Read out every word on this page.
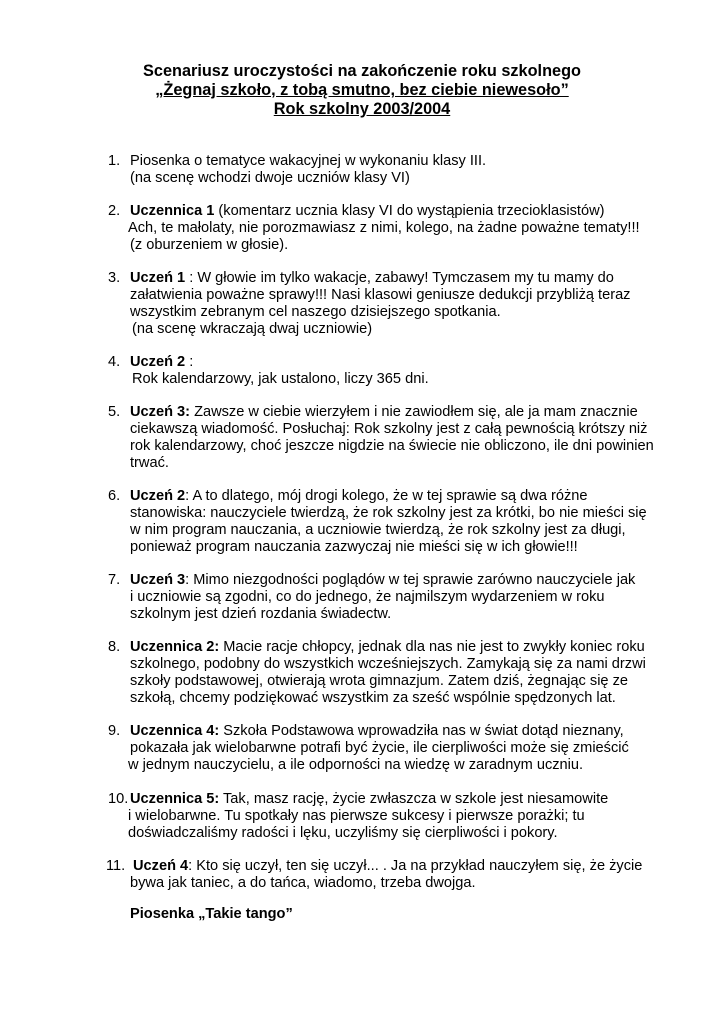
Scenariusz uroczystości na zakończenie roku szkolnego
„Żegnaj szkoło, z tobą smutno, bez ciebie niewesoło”
Rok szkolny 2003/2004
1. Piosenka o tematyce wakacyjnej w wykonaniu klasy III.
(na scenę wchodzi dwoje uczniów klasy VI)
2. Uczennica 1 (komentarz ucznia klasy VI do wystąpienia trzecioklasistów)
Ach, te małolaty, nie porozmawiasz z nimi, kolego, na żadne poważne tematy!!!
(z oburzeniem w głosie).
3. Uczeń 1 : W głowie im tylko wakacje, zabawy! Tymczasem my tu mamy do
załatwienia poważne sprawy!!! Nasi klasowi geniusze dedukcji przybliżą teraz
wszystkim zebranym cel naszego dzisiejszego spotkania.
(na scenę wkraczają dwaj uczniowie)
4. Uczeń 2 :
Rok kalendarzowy, jak ustalono, liczy 365 dni.
5. Uczeń 3: Zawsze w ciebie wierzyłem i nie zawiodłem się, ale ja mam znacznie
ciekawszą wiadomość. Posłuchaj: Rok szkolny jest z całą pewnością krótszy niż
rok kalendarzowy, choć jeszcze nigdzie na świecie nie obliczono, ile dni powinien
trwać.
6. Uczeń 2: A to dlatego, mój drogi kolego, że w tej sprawie są dwa różne
stanowiska: nauczyciele twierdzą, że rok szkolny jest za krótki, bo nie mieści się
w nim program nauczania, a uczniowie twierdzą, że rok szkolny jest za długi,
ponieważ program nauczania zazwyczaj nie mieści się w ich głowie!!!
7. Uczeń 3: Mimo niezgodności poglądów w tej sprawie zarówno nauczyciele jak
i uczniowie są zgodni, co do jednego, że najmilszym wydarzeniem w roku
szkolnym jest dzień rozdania świadectw.
8. Uczennica 2: Macie racje chłopcy, jednak dla nas nie jest to zwykły koniec roku
szkolnego, podobny do wszystkich wcześniejszych. Zamykają się za nami drzwi
szkoły podstawowej, otwierają wrota gimnazjum. Zatem dziś, żegnając się ze
szkołą, chcemy podziękować wszystkim za sześć wspólnie spędzonych lat.
9. Uczennica 4: Szkoła Podstawowa wprowadziła nas w świat dotąd nieznany,
pokazała jak wielobarwne potrafi być życie, ile cierpliwości może się zmieścić
w jednym nauczycielu, a ile odporności na wiedzę w zaradnym uczniu.
10. Uczennica 5: Tak, masz rację, życie zwłaszcza w szkole jest niesamowite
i wielobarwne. Tu spotkały nas pierwsze sukcesy i pierwsze porażki; tu
doświadczaliśmy radości i lęku, uczyliśmy się cierpliwości i pokory.
11. Uczeń 4: Kto się uczył, ten się uczył... . Ja na przykład nauczyłem się, że życie
bywa jak taniec, a do tańca, wiadomo, trzeba dwojga.
Piosenka „Takie tango”
